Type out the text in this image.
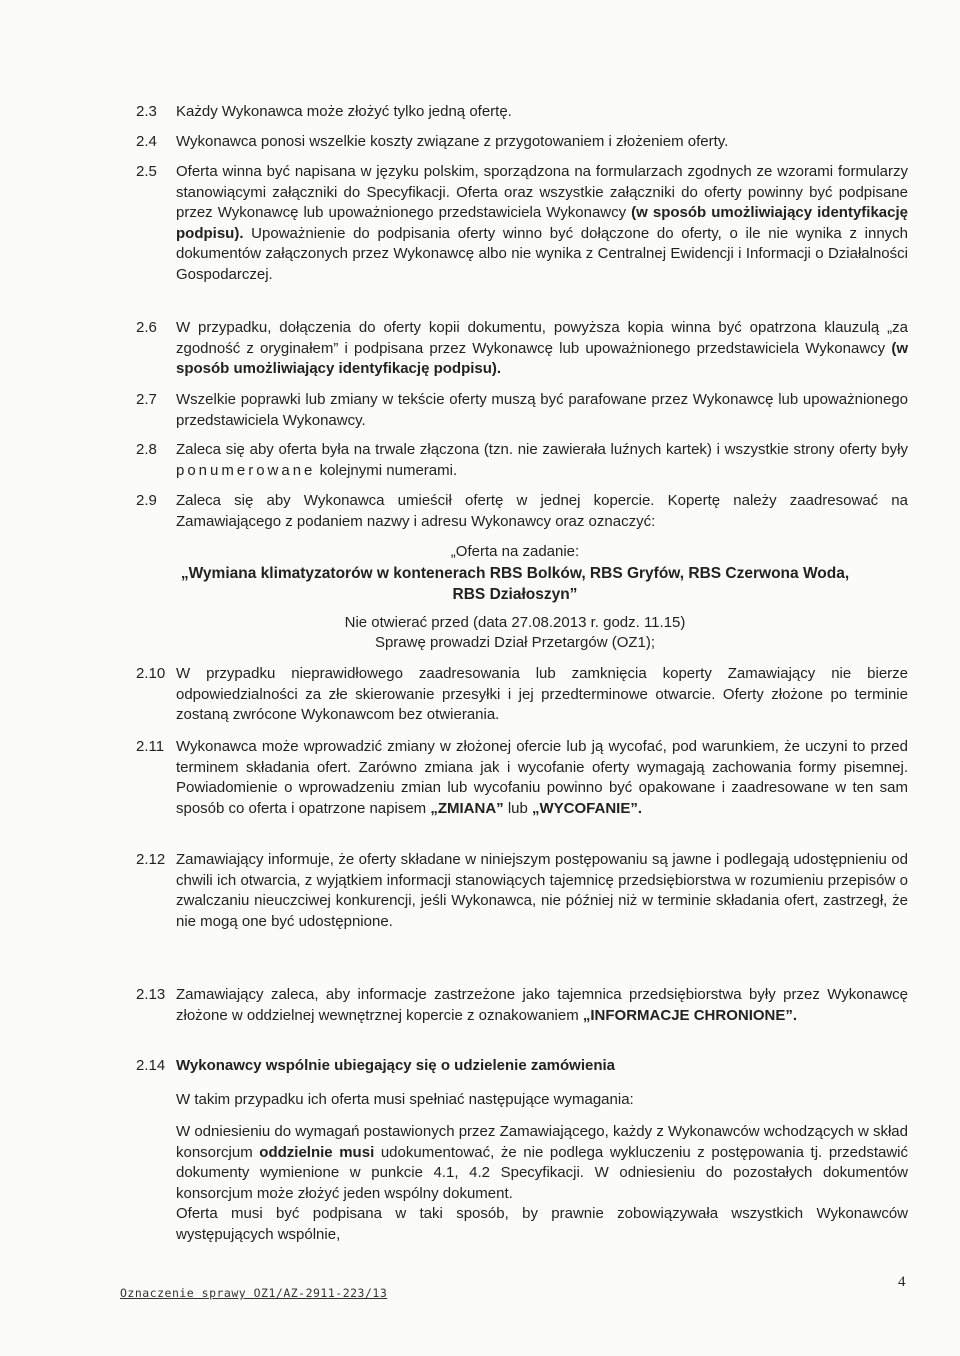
2.3	Każdy Wykonawca może złożyć tylko jedną ofertę.
2.4	Wykonawca ponosi wszelkie koszty związane z przygotowaniem i złożeniem oferty.
2.5	Oferta winna być napisana w języku polskim, sporządzona na formularzach zgodnych ze wzorami formularzy stanowiącymi załączniki do Specyfikacji. Oferta oraz wszystkie załączniki do oferty powinny być podpisane przez Wykonawcę lub upoważnionego przedstawiciela Wykonawcy (w sposób umożliwiający identyfikację podpisu). Upoważnienie do podpisania oferty winno być dołączone do oferty, o ile nie wynika z innych dokumentów załączonych przez Wykonawcę albo nie wynika z Centralnej Ewidencji i Informacji o Działalności Gospodarczej.
2.6	W przypadku, dołączenia do oferty kopii dokumentu, powyższa kopia winna być opatrzona klauzulą „za zgodność z oryginałem” i podpisana przez Wykonawcę lub upoważnionego przedstawiciela Wykonawcy (w sposób umożliwiający identyfikację podpisu).
2.7	Wszelkie poprawki lub zmiany w tekście oferty muszą być parafowane przez Wykonawcę lub upoważnionego przedstawiciela Wykonawcy.
2.8	Zaleca się aby oferta była na trwale złączona (tzn. nie zawierała luźnych kartek) i wszystkie strony oferty były ponumerowane kolejnymi numerami.
2.9	Zaleca się aby Wykonawca umieścił ofertę w jednej kopercie. Kopertę należy zaadresować na Zamawiającego z podaniem nazwy i adresu Wykonawcy oraz oznaczyć:
„Oferta na zadanie:
„Wymiana klimatyzatorów w kontenerach RBS Bolków, RBS Gryfów, RBS Czerwona Woda,
RBS Działoszyn”
Nie otwierać przed (data 27.08.2013 r. godz. 11.15)
Sprawę prowadzi Dział Przetargów (OZ1);
2.10 W przypadku nieprawidłowego zaadresowania lub zamknięcia koperty Zamawiający nie bierze odpowiedzialności za złe skierowanie przesyłki i jej przedterminowe otwarcie. Oferty złożone po terminie zostaną zwrócone Wykonawcom bez otwierania.
2.11 Wykonawca może wprowadzić zmiany w złożonej ofercie lub ją wycofać, pod warunkiem, że uczyni to przed terminem składania ofert. Zarówno zmiana jak i wycofanie oferty wymagają zachowania formy pisemnej. Powiadomienie o wprowadzeniu zmian lub wycofaniu powinno być opakowane i zaadresowane w ten sam sposób co oferta i opatrzone napisem „ZMIANA” lub „WYCOFANIE”.
2.12 Zamawiający informuje, że oferty składane w niniejszym postępowaniu są jawne i podlegają udostępnieniu od chwili ich otwarcia, z wyjątkiem informacji stanowiących tajemnicę przedsiębiorstwa w rozumieniu przepisów o zwalczaniu nieuczciwej konkurencji, jeśli Wykonawca, nie później niż w terminie składania ofert, zastrzegł, że nie mogą one być udostępnione.
2.13 Zamawiający zaleca, aby informacje zastrzeżone jako tajemnica przedsiębiorstwa były przez Wykonawcę złożone w oddzielnej wewnętrznej kopercie z oznakowaniem „INFORMACJE CHRONIONE”.
2.14 Wykonawcy wspólnie ubiegający się o udzielenie zamówienia
W takim przypadku ich oferta musi spełniać następujące wymagania:
W odniesieniu do wymagań postawionych przez Zamawiającego, każdy z Wykonawców wchodzących w skład konsorcjum oddzielnie musi udokumentować, że nie podlega wykluczeniu z postępowania tj. przedstawić dokumenty wymienione w punkcie 4.1, 4.2 Specyfikacji. W odniesieniu do pozostałych dokumentów konsorcjum może złożyć jeden wspólny dokument.
Oferta musi być podpisana w taki sposób, by prawnie zobowiązywała wszystkich Wykonawców występujących wspólnie,
Oznaczenie sprawy OZ1/AZ-2911-223/13
4
